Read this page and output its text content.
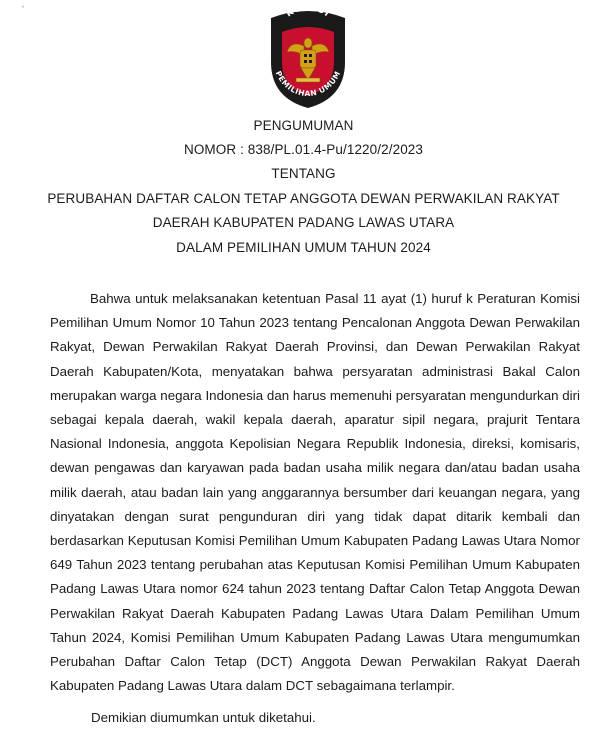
‘	KOMISI
PEMILIHAN UMUM
PENGUMUMAN
NOMOR : 838/PL.01.4-Pu/1220/2/2023
TENTANG
PERUBAHAN DAFTAR CALON TETAP ANGGOTA DEWAN PERWAKILAN RAKYAT
DAERAH KABUPATEN PADANG LAWAS UTARA
DALAM PEMILIHAN UMUM TAHUN 2024

Bahwa untuk melaksanakan ketentuan Pasal 11 ayat (1) huruf k Peraturan Komisi Pemilihan Umum Nomor 10 Tahun 2023 tentang Pencalonan Anggota Dewan Perwakilan Rakyat, Dewan Perwakilan Rakyat Daerah Provinsi, dan Dewan Perwakilan Rakyat Daerah Kabupaten/Kota, menyatakan bahwa persyaratan administrasi Bakal Calon merupakan warga negara Indonesia dan harus memenuhi persyaratan mengundurkan diri sebagai kepala daerah, wakil kepala daerah, aparatur sipil negara, prajurit Tentara Nasional Indonesia, anggota Kepolisian Negara Republik Indonesia, direksi, komisaris, dewan pengawas dan karyawan pada badan usaha milik negara dan/atau badan usaha milik daerah, atau badan lain yang anggarannya bersumber dari keuangan negara, yang dinyatakan dengan surat pengunduran diri yang tidak dapat ditarik kembali dan berdasarkan Keputusan Komisi Pemilihan Umum Kabupaten Padang Lawas Utara Nomor 649 Tahun 2023 tentang perubahan atas Keputusan Komisi Pemilihan Umum Kabupaten Padang Lawas Utara nomor 624 tahun 2023 tentang Daftar Calon Tetap Anggota Dewan Perwakilan Rakyat Daerah Kabupaten Padang Lawas Utara Dalam Pemilihan Umum Tahun 2024, Komisi Pemilihan Umum Kabupaten Padang Lawas Utara mengumumkan Perubahan Daftar Calon Tetap (DCT) Anggota Dewan Perwakilan Rakyat Daerah Kabupaten Padang Lawas Utara dalam DCT sebagaimana terlampir.

Demikian diumumkan untuk diketahui.
